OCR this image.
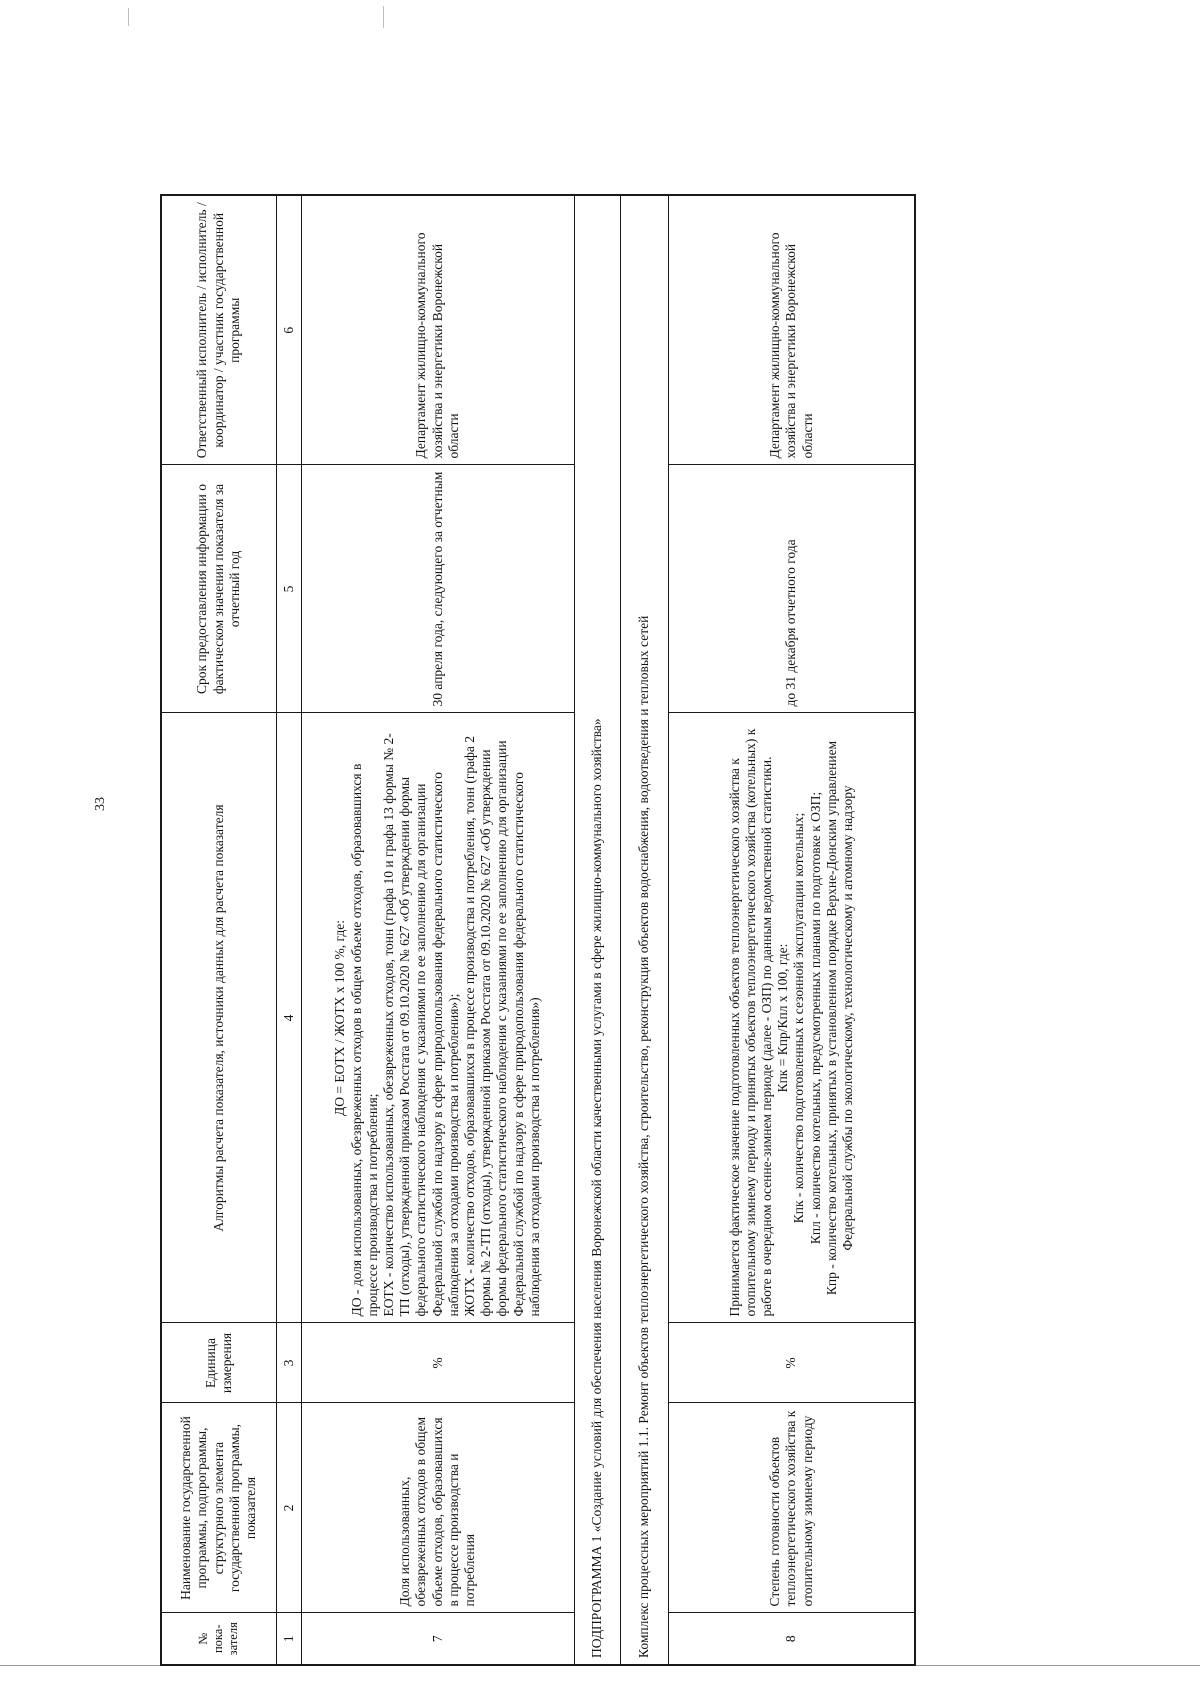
33
№ пока-
зателя	Наименование государственной программы, подпрограммы, структурного элемента государственной программы, показателя	Единица измерения	Алгоритмы расчета показателя, источники данных для расчета показателя	Срок предоставления информации о фактическом значении показателя за отчетный год	Ответственный исполнитель / исполнитель / координатор / участник государственной программы
1	2	3	4	5	6
7	Доля использованных, обезвреженных отходов в общем объеме отходов, образовавшихся в процессе производства и потребления	%	ДО = ЕОТХ / ЖОТХ х 100 %, где: ДО - доля использованных, обезвреженных отходов в общем объеме отходов, образовавшихся в процессе производства и потребления; ЕОТХ - количество использованных, обезвреженных отходов, тонн (графа 10 и графа 13 формы № 2-ТП (отходы), утвержденной приказом Росстата от 09.10.2020 № 627 «Об утверждении формы федерального статистического наблюдения с указаниями по ее заполнению для организации Федеральной службой по надзору в сфере природопользования федерального статистического наблюдения за отходами производства и потребления»); ЖОТХ - количество отходов, образовавшихся в процессе производства и потребления, тонн (графа 2 формы № 2-ТП (отходы), утвержденной приказом Росстата от 09.10.2020 № 627 «Об утверждении формы федерального статистического наблюдения с указаниями по ее заполнению для организации Федеральной службой по надзору в сфере природопользования федерального статистического наблюдения за отходами производства и потребления»)	30 апреля года, следующего за отчетным	Департамент жилищно-коммунального хозяйства и энергетики Воронежской области
ПОДПРОГРАММА 1 «Создание условий для обеспечения населения Воронежской области качественными услугами в сфере жилищно-коммунального хозяйства»					
Комплекс процессных мероприятий 1.1. Ремонт объектов теплоэнергетического хозяйства, строительство, реконструкция объектов водоснабжения, водоотведения и тепловых сетей					
8	Степень готовности объектов теплоэнергетического хозяйства к отопительному зимнему периоду	%	Принимается фактическое значение подготовленных объектов теплоэнергетического хозяйства к отопительному зимнему периоду и принятых объектов теплоэнергетического хозяйства (котельных) к работе в очередном осенне-зимнем периоде (далее - ОЗП) по данным ведомственной статистики. Кпк = Кпр/Кпл х 100, где: Кпк - количество подготовленных к сезонной эксплуатации котельных; Кпл - количество котельных, предусмотренных планами по подготовке к ОЗП; Кпр - количество котельных, принятых в установленном порядке Верхне-Донским управлением Федеральной службы по экологическому, технологическому и атомному надзору	до 31 декабря отчетного года	Департамент жилищно-коммунального хозяйства и энергетики Воронежской области
